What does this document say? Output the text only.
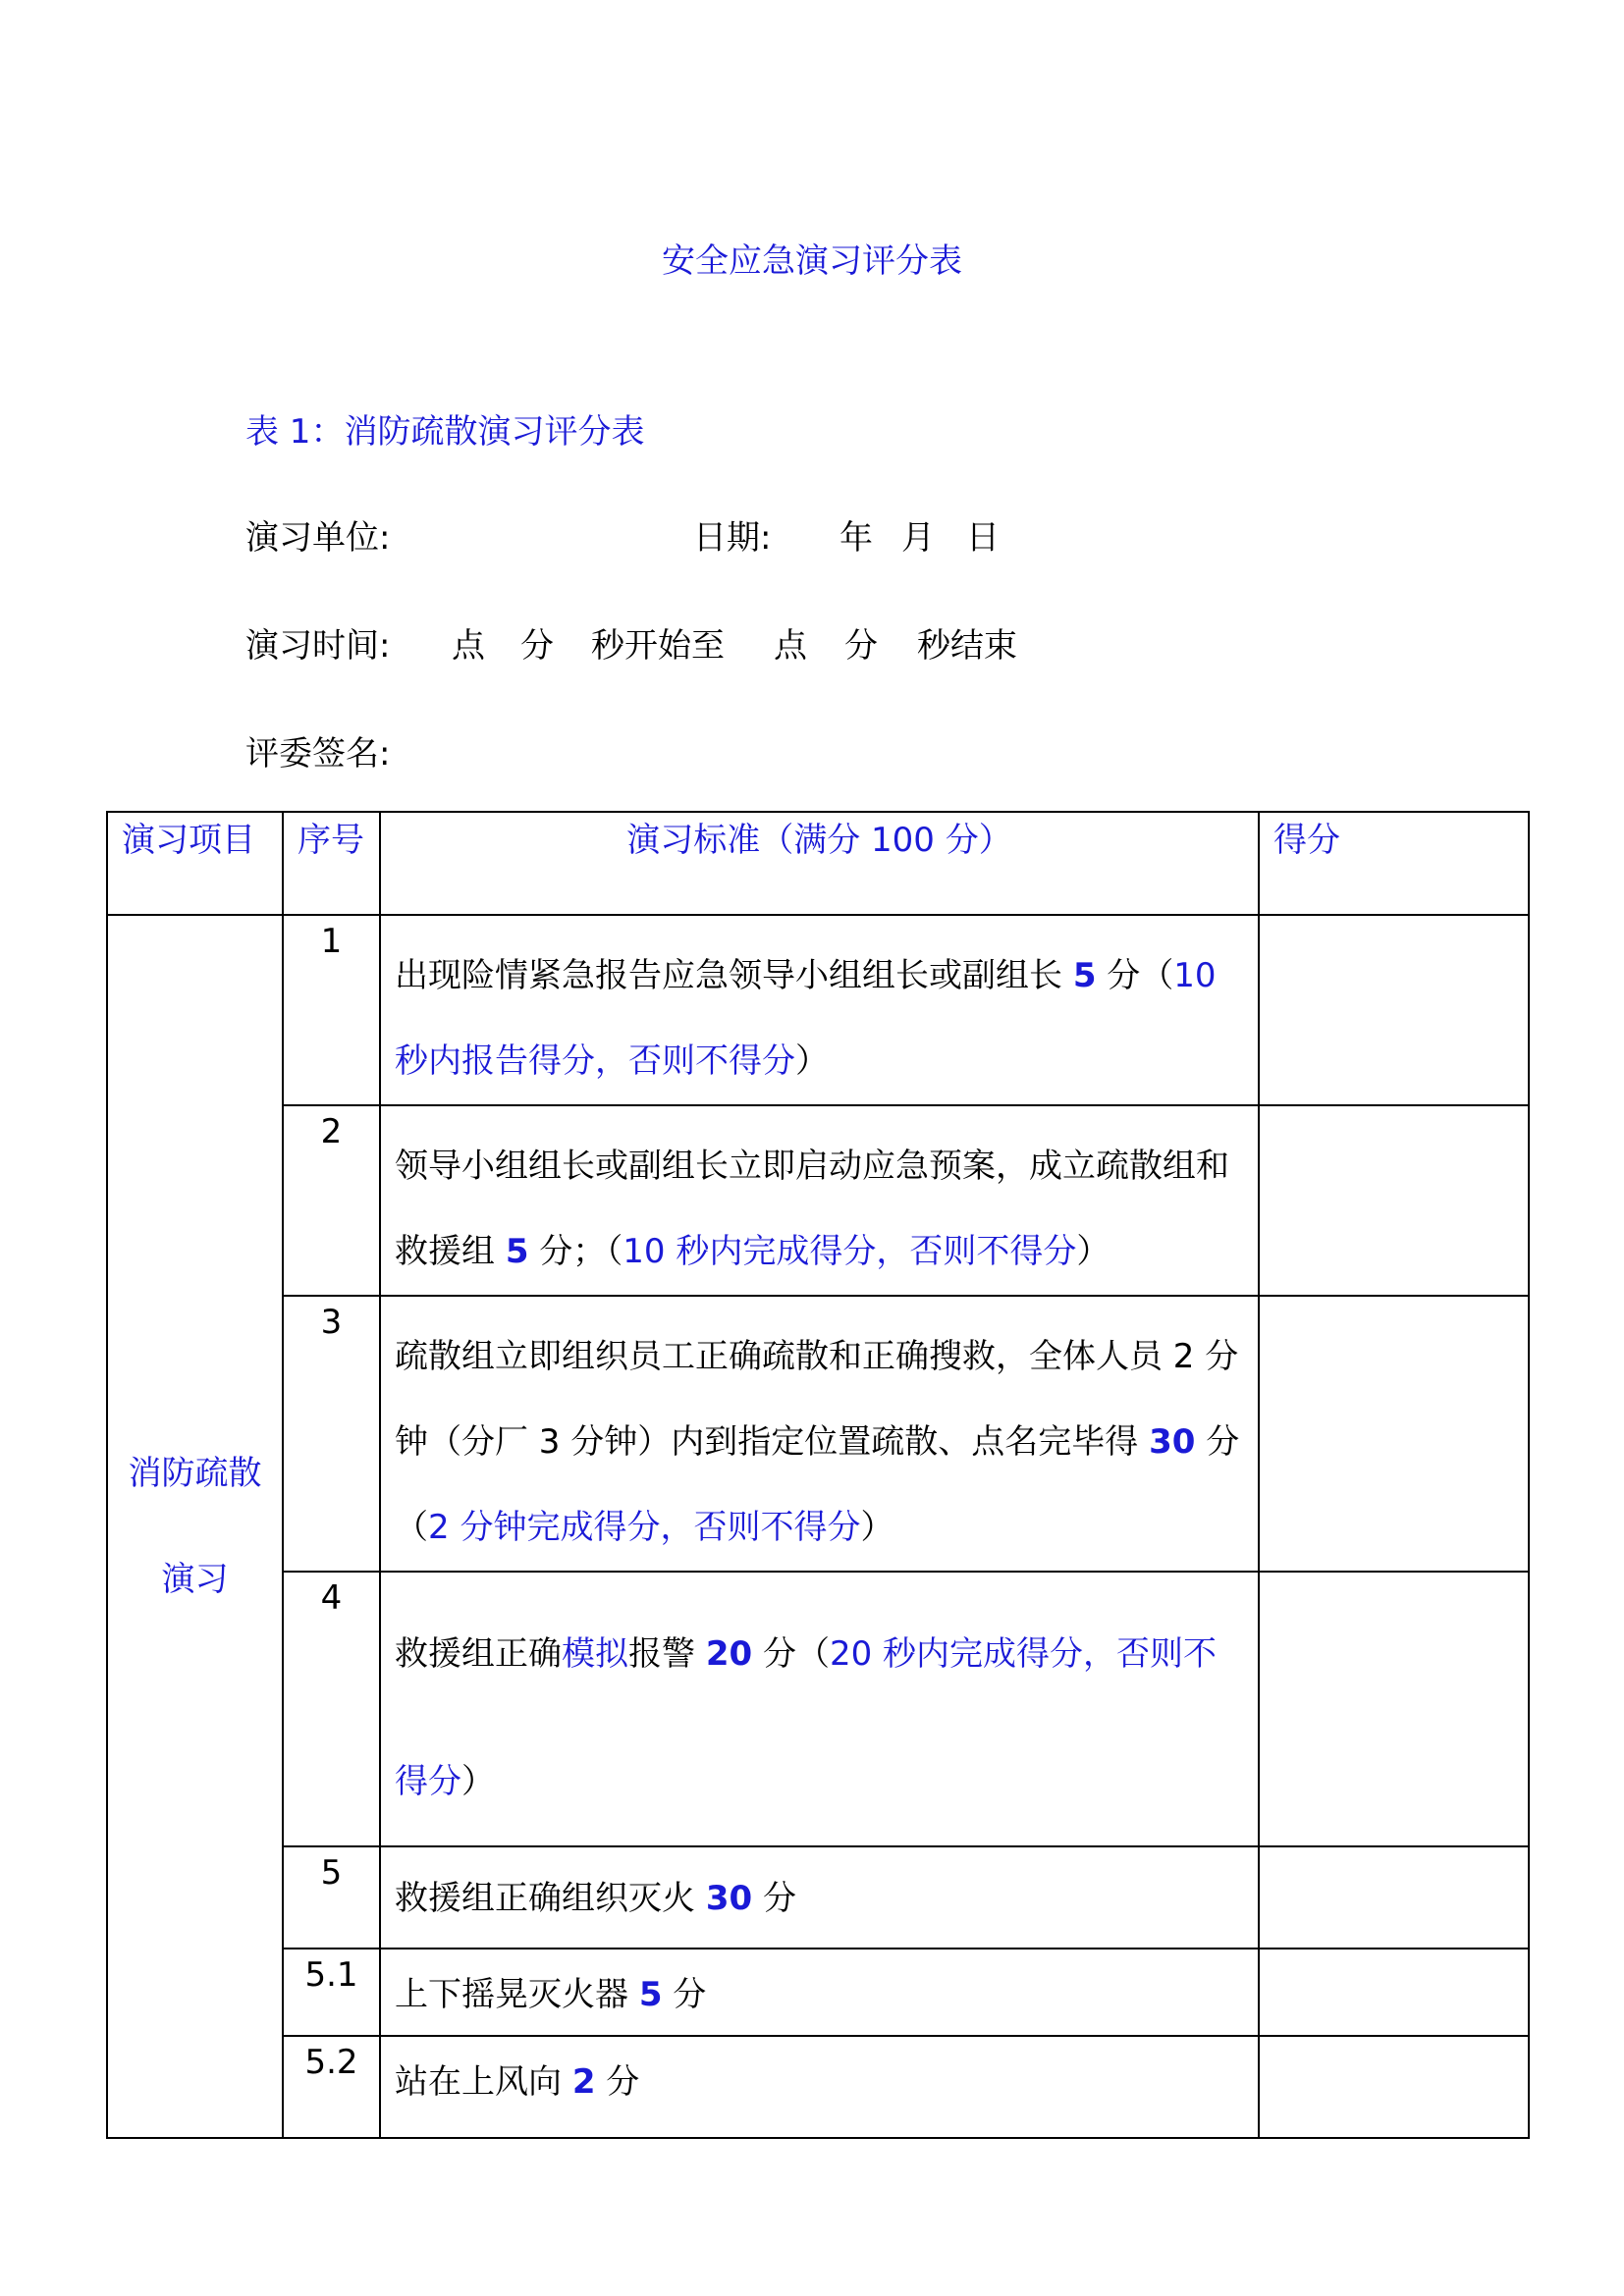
安全应急演习评分表
表 1：消防疏散演习评分表
演习单位:	日期: 年 月 日
演习时间: 点 分 秒开始至 点 分 秒结束
评委签名:
演习项目	序号	演习标准（满分 100 分）	得分

消防疏散
演习	1	出现险情紧急报告应急领导小组组长或副组长 5 分（10 秒内报告得分，否则不得分）	
	2	领导小组组长或副组长立即启动应急预案，成立疏散组和救援组 5 分；（10 秒内完成得分，否则不得分）	
	3	疏散组立即组织员工正确疏散和正确搜救，全体人员 2 分钟（分厂 3 分钟）内到指定位置疏散、点名完毕得 30 分（2 分钟完成得分，否则不得分）	
	4	救援组正确模拟报警 20 分（20 秒内完成得分，否则不得分）	
	5	救援组正确组织灭火 30 分	
	5.1	上下摇晃灭火器 5 分	
	5.2	站在上风向 2 分	
